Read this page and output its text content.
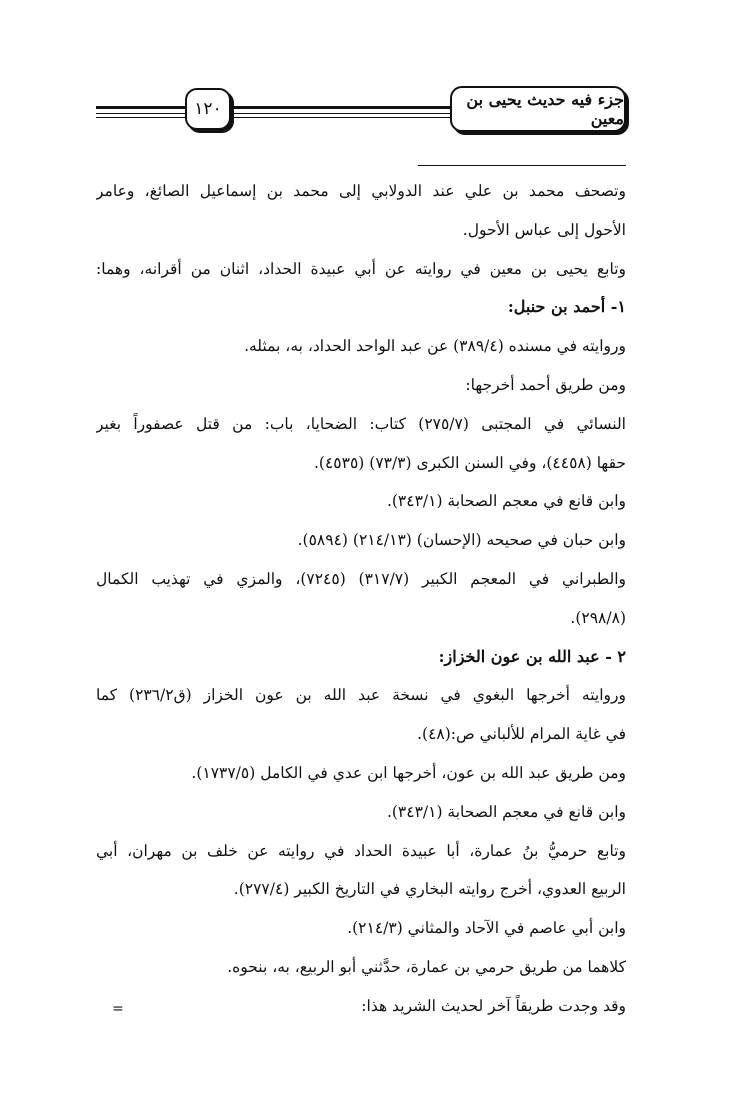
جزء فيه حديث يحيى بن معين
١٢٠
وتصحف محمد بن علي عند الدولابي إلى محمد بن إسماعيل الصائغ، وعامر
الأحول إلى عباس الأحول.
وتابع يحيى بن معين في روايته عن أبي عبيدة الحداد، اثنان من أقرانه، وهما:
١- أحمد بن حنبل:
وروايته في مسنده (٣٨٩/٤) عن عبد الواحد الحداد، به، بمثله.
ومن طريق أحمد أخرجها:
النسائي في المجتبى (٢٧٥/٧) كتاب: الضحايا، باب: من قتل عصفوراً بغير
حقها (٤٤٥٨)، وفي السنن الكبرى (٧٣/٣) (٤٥٣٥).
وابن قانع في معجم الصحابة (٣٤٣/١).
وابن حبان في صحيحه (الإحسان) (٢١٤/١٣) (٥٨٩٤).
والطبراني في المعجم الكبير (٣١٧/٧) (٧٢٤٥)، والمزي في تهذيب الكمال
(٢٩٨/٨).
٢ - عبد الله بن عون الخزاز:
وروايته أخرجها البغوي في نسخة عبد الله بن عون الخزاز (ق٢٣٦/٢) كما
في غاية المرام للألباني ص:(٤٨).
ومن طريق عبد الله بن عون، أخرجها ابن عدي في الكامل (١٧٣٧/٥).
وابن قانع في معجم الصحابة (٣٤٣/١).
وتابع حرميُّ بنُ عمارة، أبا عبيدة الحداد في روايته عن خلف بن مهران، أبي
الربيع العدوي، أخرج روايته البخاري في التاريخ الكبير (٢٧٧/٤).
وابن أبي عاصم في الآحاد والمثاني (٢١٤/٣).
كلاهما من طريق حرمي بن عمارة، حدَّثني أبو الربيع، به، بنحوه.
وقد وجدت طريقاً آخر لحديث الشريد هذا:
=
